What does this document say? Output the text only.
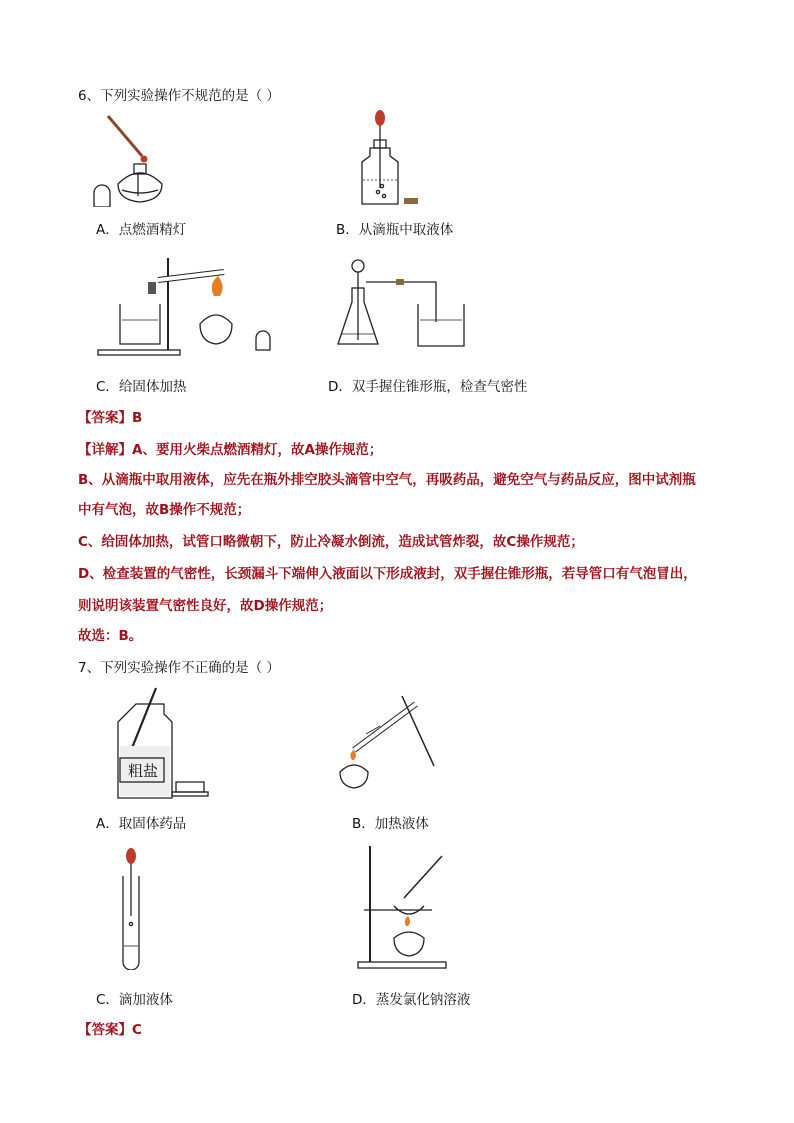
6、下列实验操作不规范的是（ ）
A．点燃酒精灯	B．从滴瓶中取液体
C．给固体加热	D．双手握住锥形瓶，检查气密性
【答案】B
【详解】A、要用火柴点燃酒精灯，故A操作规范；
B、从滴瓶中取用液体，应先在瓶外排空胶头滴管中空气，再吸药品，避免空气与药品反应，图中试剂瓶
中有气泡，故B操作不规范；
C、给固体加热，试管口略微朝下，防止冷凝水倒流，造成试管炸裂，故C操作规范；
D、检查装置的气密性，长颈漏斗下端伸入液面以下形成液封，双手握住锥形瓶，若导管口有气泡冒出，
则说明该装置气密性良好，故D操作规范；
故选：B。
7、下列实验操作不正确的是（ ）
粗盐
A．取固体药品	B．加热液体
C．滴加液体	D．蒸发氯化钠溶液
【答案】C
